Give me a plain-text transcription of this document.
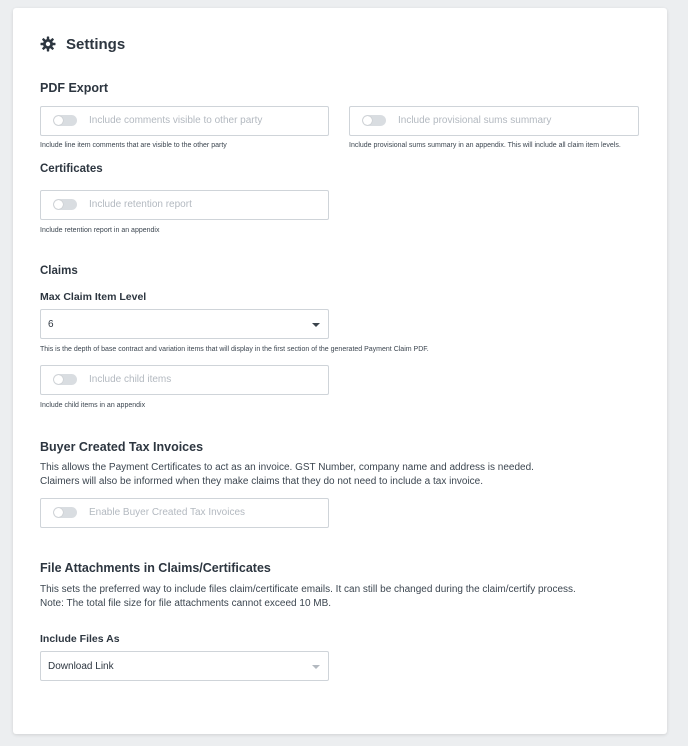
Settings
PDF Export
Include comments visible to other party
Include line item comments that are visible to the other party
Include provisional sums summary
Include provisional sums summary in an appendix. This will include all claim item levels.
Certificates
Include retention report
Include retention report in an appendix
Claims
Max Claim Item Level
6
This is the depth of base contract and variation items that will display in the first section of the generated Payment Claim PDF.
Include child items
Include child items in an appendix
Buyer Created Tax Invoices
This allows the Payment Certificates to act as an invoice. GST Number, company name and address is needed.
Claimers will also be informed when they make claims that they do not need to include a tax invoice.
Enable Buyer Created Tax Invoices
File Attachments in Claims/Certificates
This sets the preferred way to include files claim/certificate emails. It can still be changed during the claim/certify process.
Note: The total file size for file attachments cannot exceed 10 MB.
Include Files As
Download Link
